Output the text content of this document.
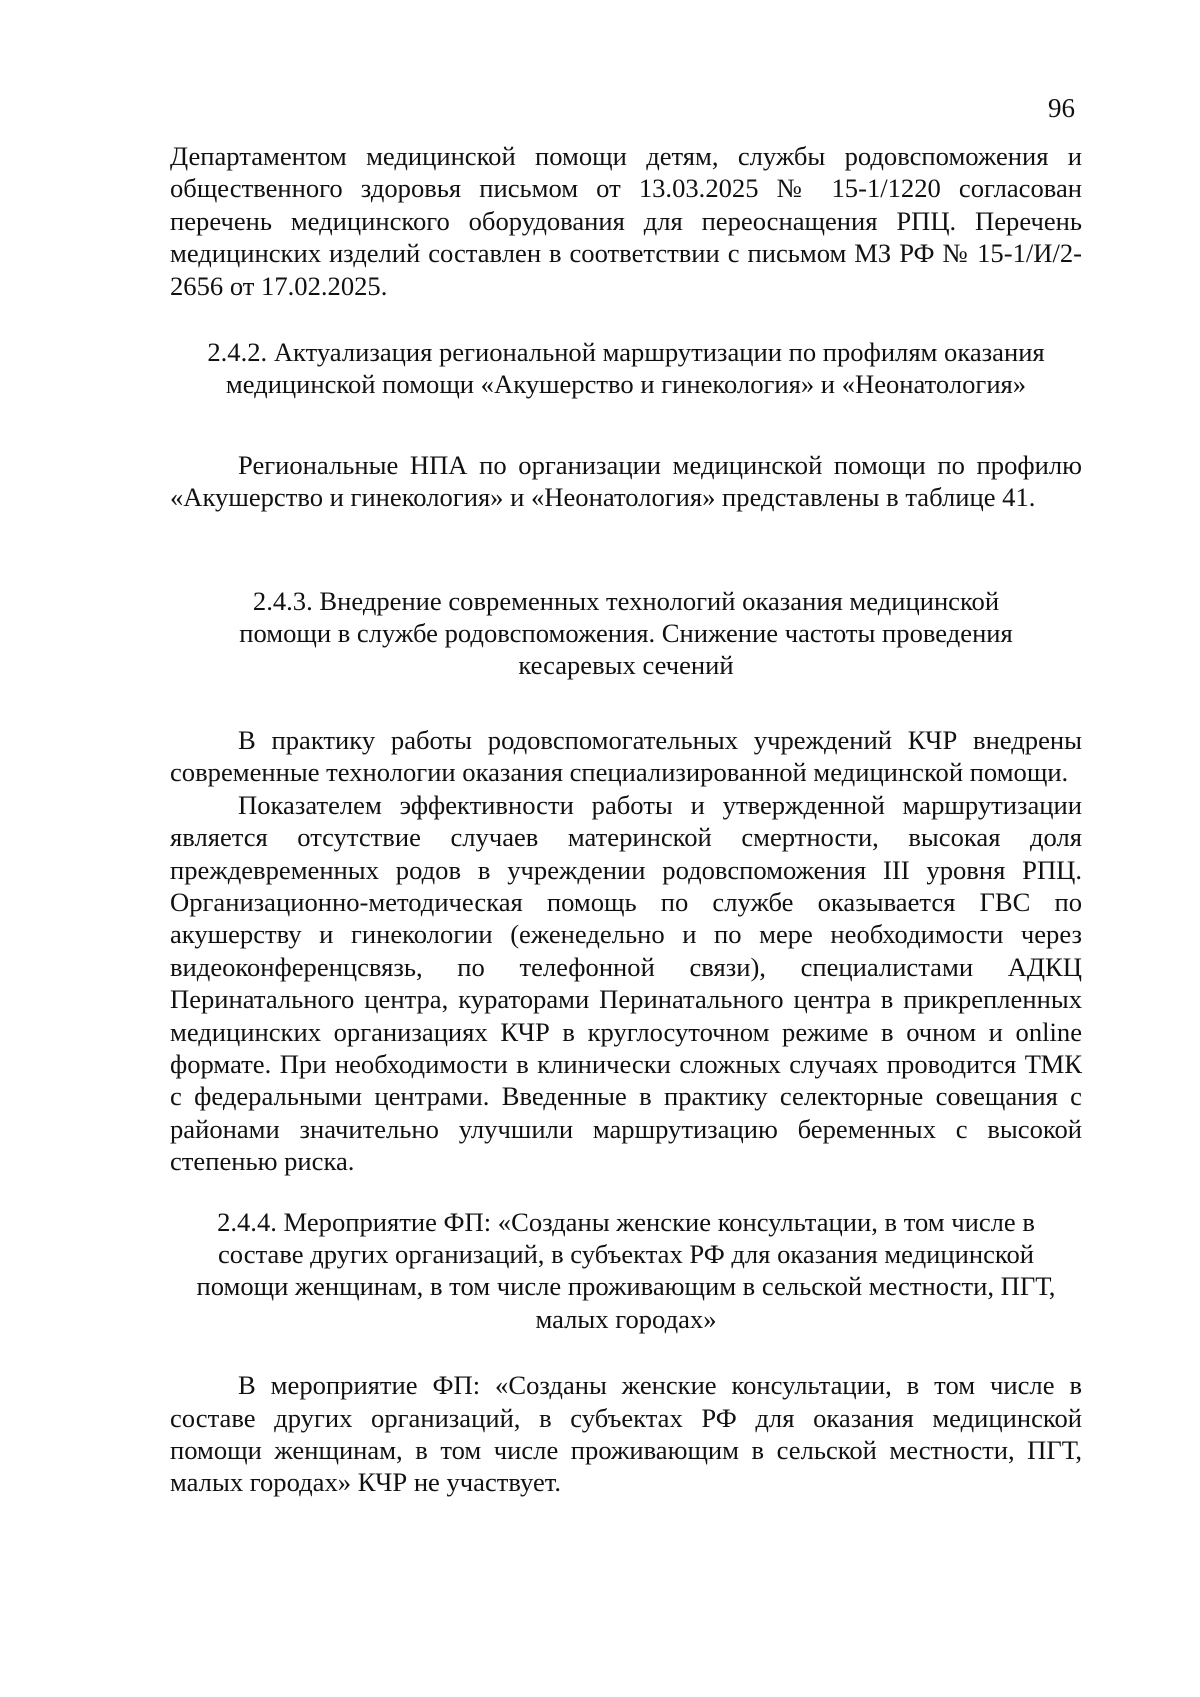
96

Департаментом медицинской помощи детям, службы родовспоможения и общественного здоровья письмом от 13.03.2025 № 15-1/1220 согласован перечень медицинского оборудования для переоснащения РПЦ. Перечень медицинских изделий составлен в соответствии с письмом МЗ РФ № 15-1/И/2-2656 от 17.02.2025.

2.4.2. Актуализация региональной маршрутизации по профилям оказания медицинской помощи «Акушерство и гинекология» и «Неонатология»

Региональные НПА по организации медицинской помощи по профилю «Акушерство и гинекология» и «Неонатология» представлены в таблице 41.

2.4.3. Внедрение современных технологий оказания медицинской помощи в службе родовспоможения. Снижение частоты проведения кесаревых сечений

В практику работы родовспомогательных учреждений КЧР внедрены современные технологии оказания специализированной медицинской помощи.

Показателем эффективности работы и утвержденной маршрутизации является отсутствие случаев материнской смертности, высокая доля преждевременных родов в учреждении родовспоможения III уровня РПЦ. Организационно-методическая помощь по службе оказывается ГВС по акушерству и гинекологии (еженедельно и по мере необходимости через видеоконференцсвязь, по телефонной связи), специалистами АДКЦ Перинатального центра, кураторами Перинатального центра в прикрепленных медицинских организациях КЧР в круглосуточном режиме в очном и online формате. При необходимости в клинически сложных случаях проводится ТМК с федеральными центрами. Введенные в практику селекторные совещания с районами значительно улучшили маршрутизацию беременных с высокой степенью риска.

2.4.4. Мероприятие ФП: «Созданы женские консультации, в том числе в составе других организаций, в субъектах РФ для оказания медицинской помощи женщинам, в том числе проживающим в сельской местности, ПГТ, малых городах»

В мероприятие ФП: «Созданы женские консультации, в том числе в составе других организаций, в субъектах РФ для оказания медицинской помощи женщинам, в том числе проживающим в сельской местности, ПГТ, малых городах» КЧР не участвует.
